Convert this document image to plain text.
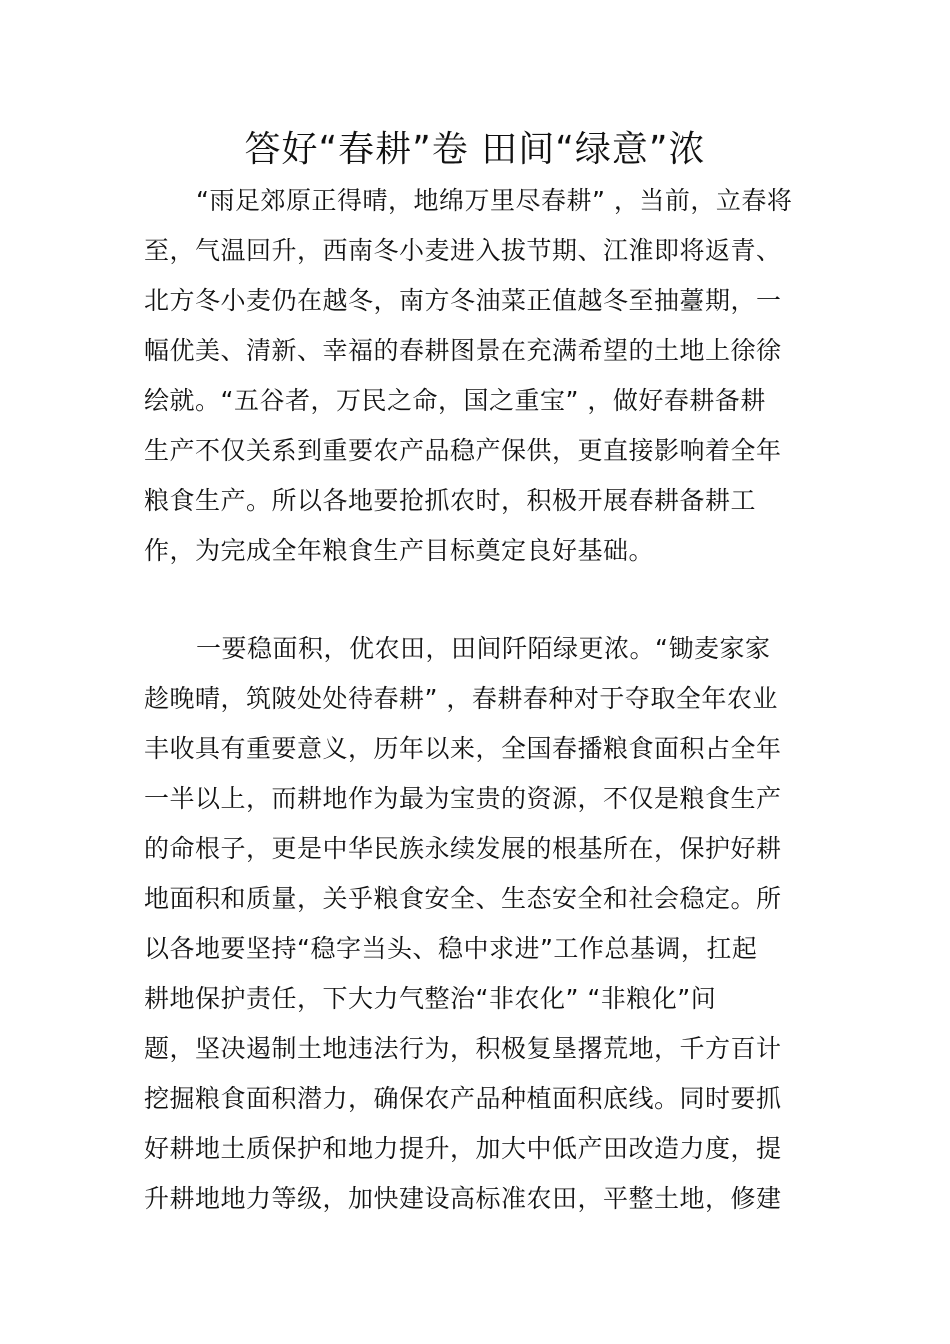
答好“春耕”卷 田间“绿意”浓
“雨足郊原正得晴，地绵万里尽春耕” ，当前，立春将
至，气温回升，西南冬小麦进入拔节期、江淮即将返青、
北方冬小麦仍在越冬，南方冬油菜正值越冬至抽薹期，一
幅优美、清新、幸福的春耕图景在充满希望的土地上徐徐
绘就。“五谷者，万民之命，国之重宝” ，做好春耕备耕
生产不仅关系到重要农产品稳产保供，更直接影响着全年
粮食生产。所以各地要抢抓农时，积极开展春耕备耕工
作，为完成全年粮食生产目标奠定良好基础。
一要稳面积，优农田，田间阡陌绿更浓。“锄麦家家
趁晚晴，筑陂处处待春耕” ，春耕春种对于夺取全年农业
丰收具有重要意义，历年以来，全国春播粮食面积占全年
一半以上，而耕地作为最为宝贵的资源，不仅是粮食生产
的命根子，更是中华民族永续发展的根基所在，保护好耕
地面积和质量，关乎粮食安全、生态安全和社会稳定。所
以各地要坚持“稳字当头、稳中求进”工作总基调，扛起
耕地保护责任，下大力气整治“非农化” “非粮化”问
题，坚决遏制土地违法行为，积极复垦撂荒地，千方百计
挖掘粮食面积潜力，确保农产品种植面积底线。同时要抓
好耕地土质保护和地力提升，加大中低产田改造力度，提
升耕地地力等级，加快建设高标准农田，平整土地，修建
